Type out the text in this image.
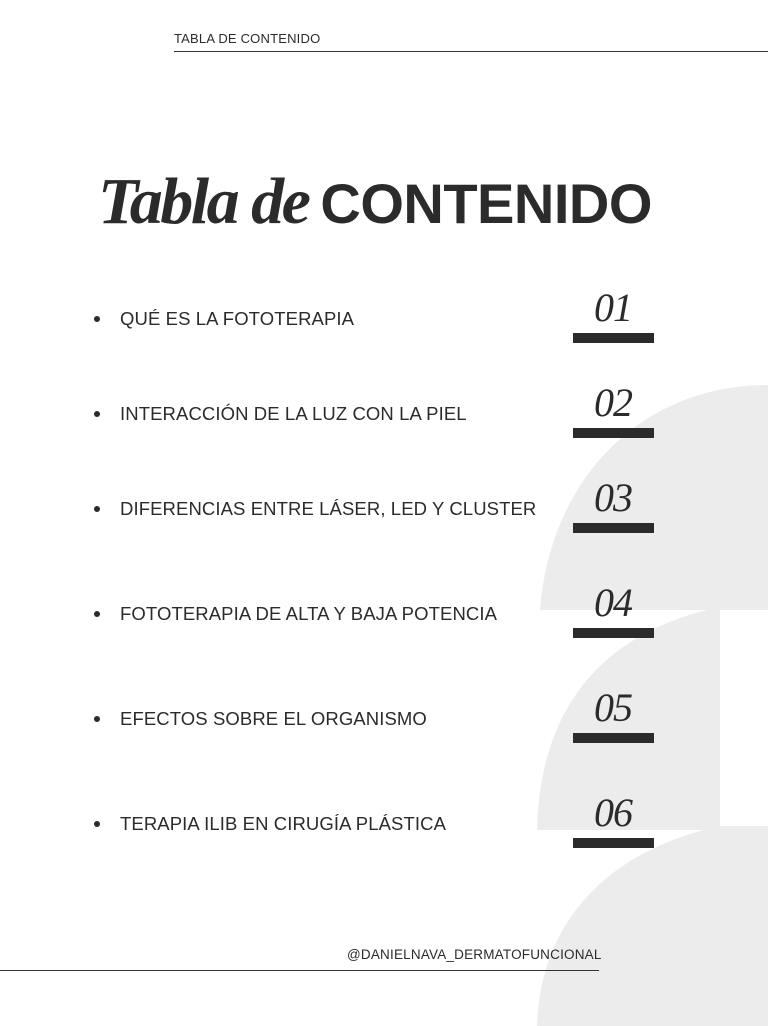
TABLA DE CONTENIDO
Tabla de CONTENIDO
QUÉ ES LA FOTOTERAPIA	01
INTERACCIÓN DE LA LUZ CON LA PIEL	02
DIFERENCIAS ENTRE LÁSER, LED Y CLUSTER	03
FOTOTERAPIA DE ALTA Y BAJA POTENCIA	04
EFECTOS SOBRE EL ORGANISMO	05
TERAPIA ILIB EN CIRUGÍA PLÁSTICA	06
@DANIELNAVA_DERMATOFUNCIONAL
